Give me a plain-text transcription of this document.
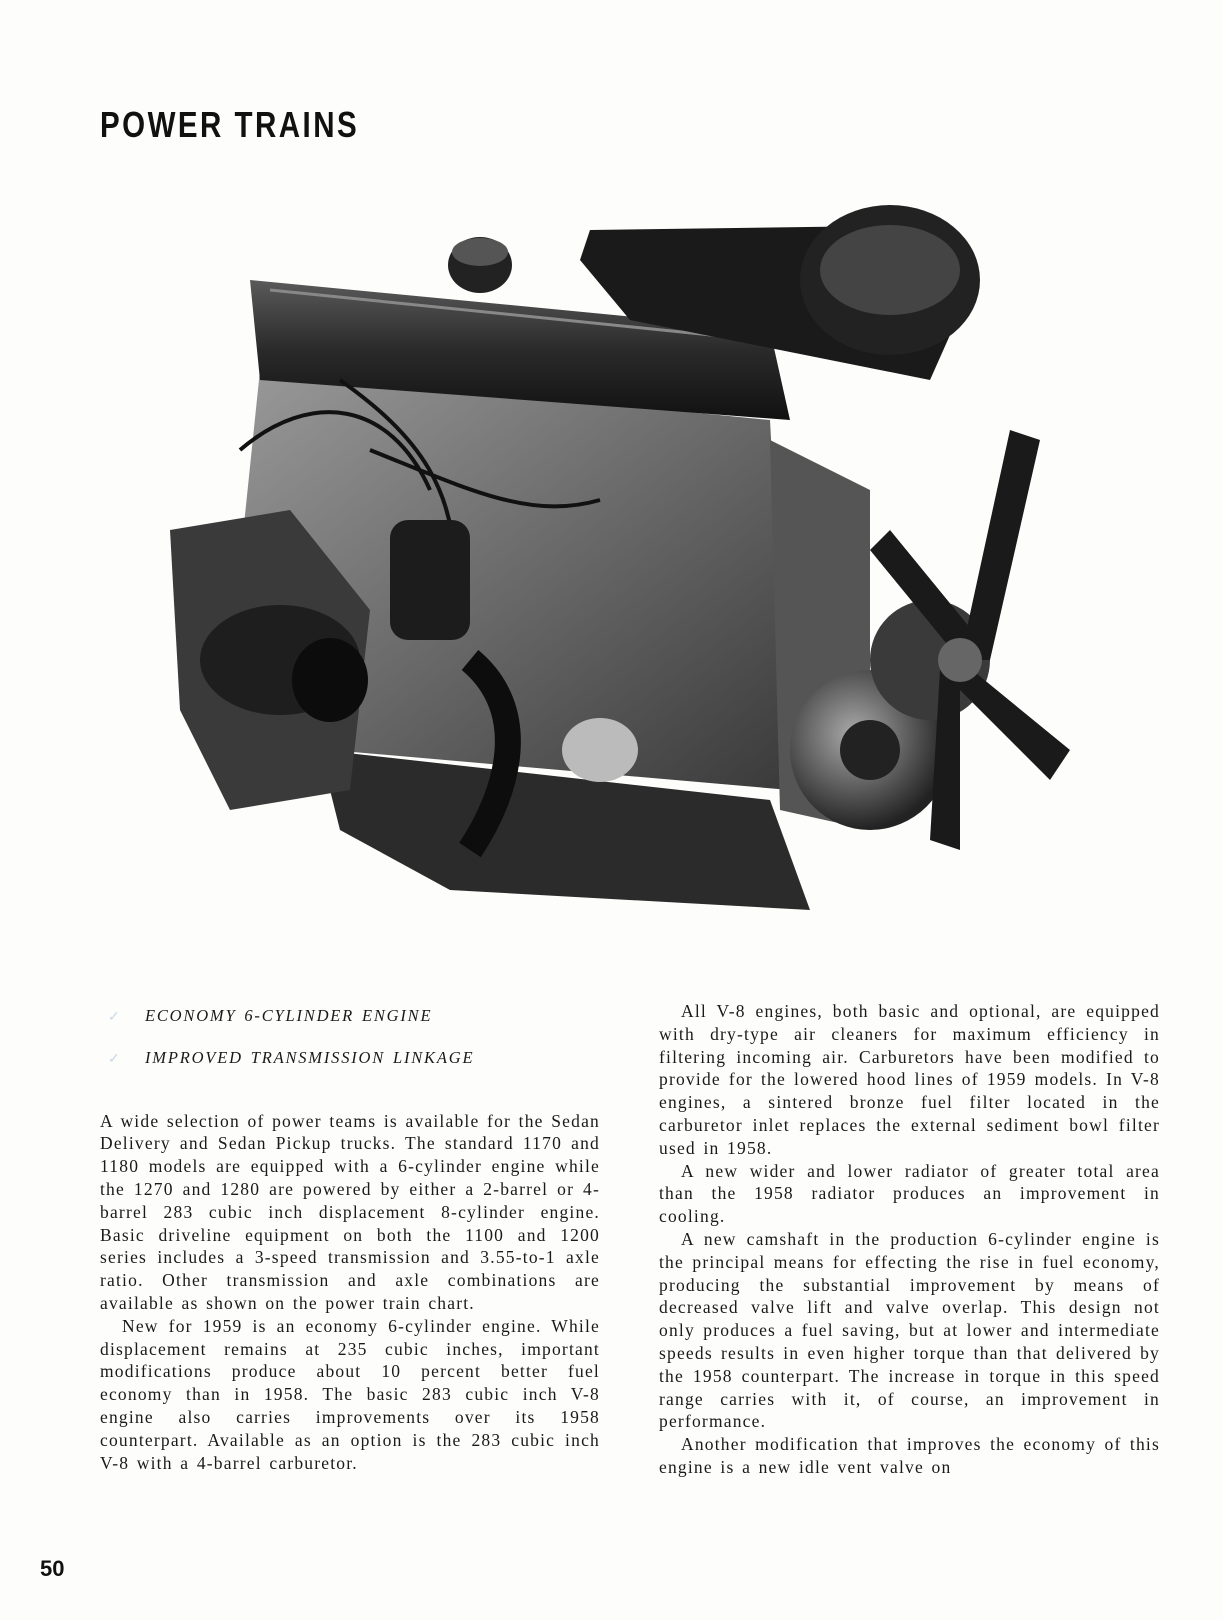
POWER TRAINS
✓ ECONOMY 6-CYLINDER ENGINE
✓ IMPROVED TRANSMISSION LINKAGE

A wide selection of power teams is available for the Sedan Delivery and Sedan Pickup trucks. The standard 1170 and 1180 models are equipped with a 6-cylinder engine while the 1270 and 1280 are powered by either a 2-barrel or 4-barrel 283 cubic inch displacement 8-cylinder engine. Basic driveline equipment on both the 1100 and 1200 series includes a 3-speed transmission and 3.55-to-1 axle ratio. Other transmission and axle combinations are available as shown on the power train chart.

New for 1959 is an economy 6-cylinder engine. While displacement remains at 235 cubic inches, important modifications produce about 10 percent better fuel economy than in 1958. The basic 283 cubic inch V-8 engine also carries improvements over its 1958 counterpart. Available as an option is the 283 cubic inch V-8 with a 4-barrel carburetor.

All V-8 engines, both basic and optional, are equipped with dry-type air cleaners for maximum efficiency in filtering incoming air. Carburetors have been modified to provide for the lowered hood lines of 1959 models. In V-8 engines, a sintered bronze fuel filter located in the carburetor inlet replaces the external sediment bowl filter used in 1958.

A new wider and lower radiator of greater total area than the 1958 radiator produces an improvement in cooling.

A new camshaft in the production 6-cylinder engine is the principal means for effecting the rise in fuel economy, producing the substantial improvement by means of decreased valve lift and valve overlap. This design not only produces a fuel saving, but at lower and intermediate speeds results in even higher torque than that delivered by the 1958 counterpart. The increase in torque in this speed range carries with it, of course, an improvement in performance.

Another modification that improves the economy of this engine is a new idle vent valve on

50
